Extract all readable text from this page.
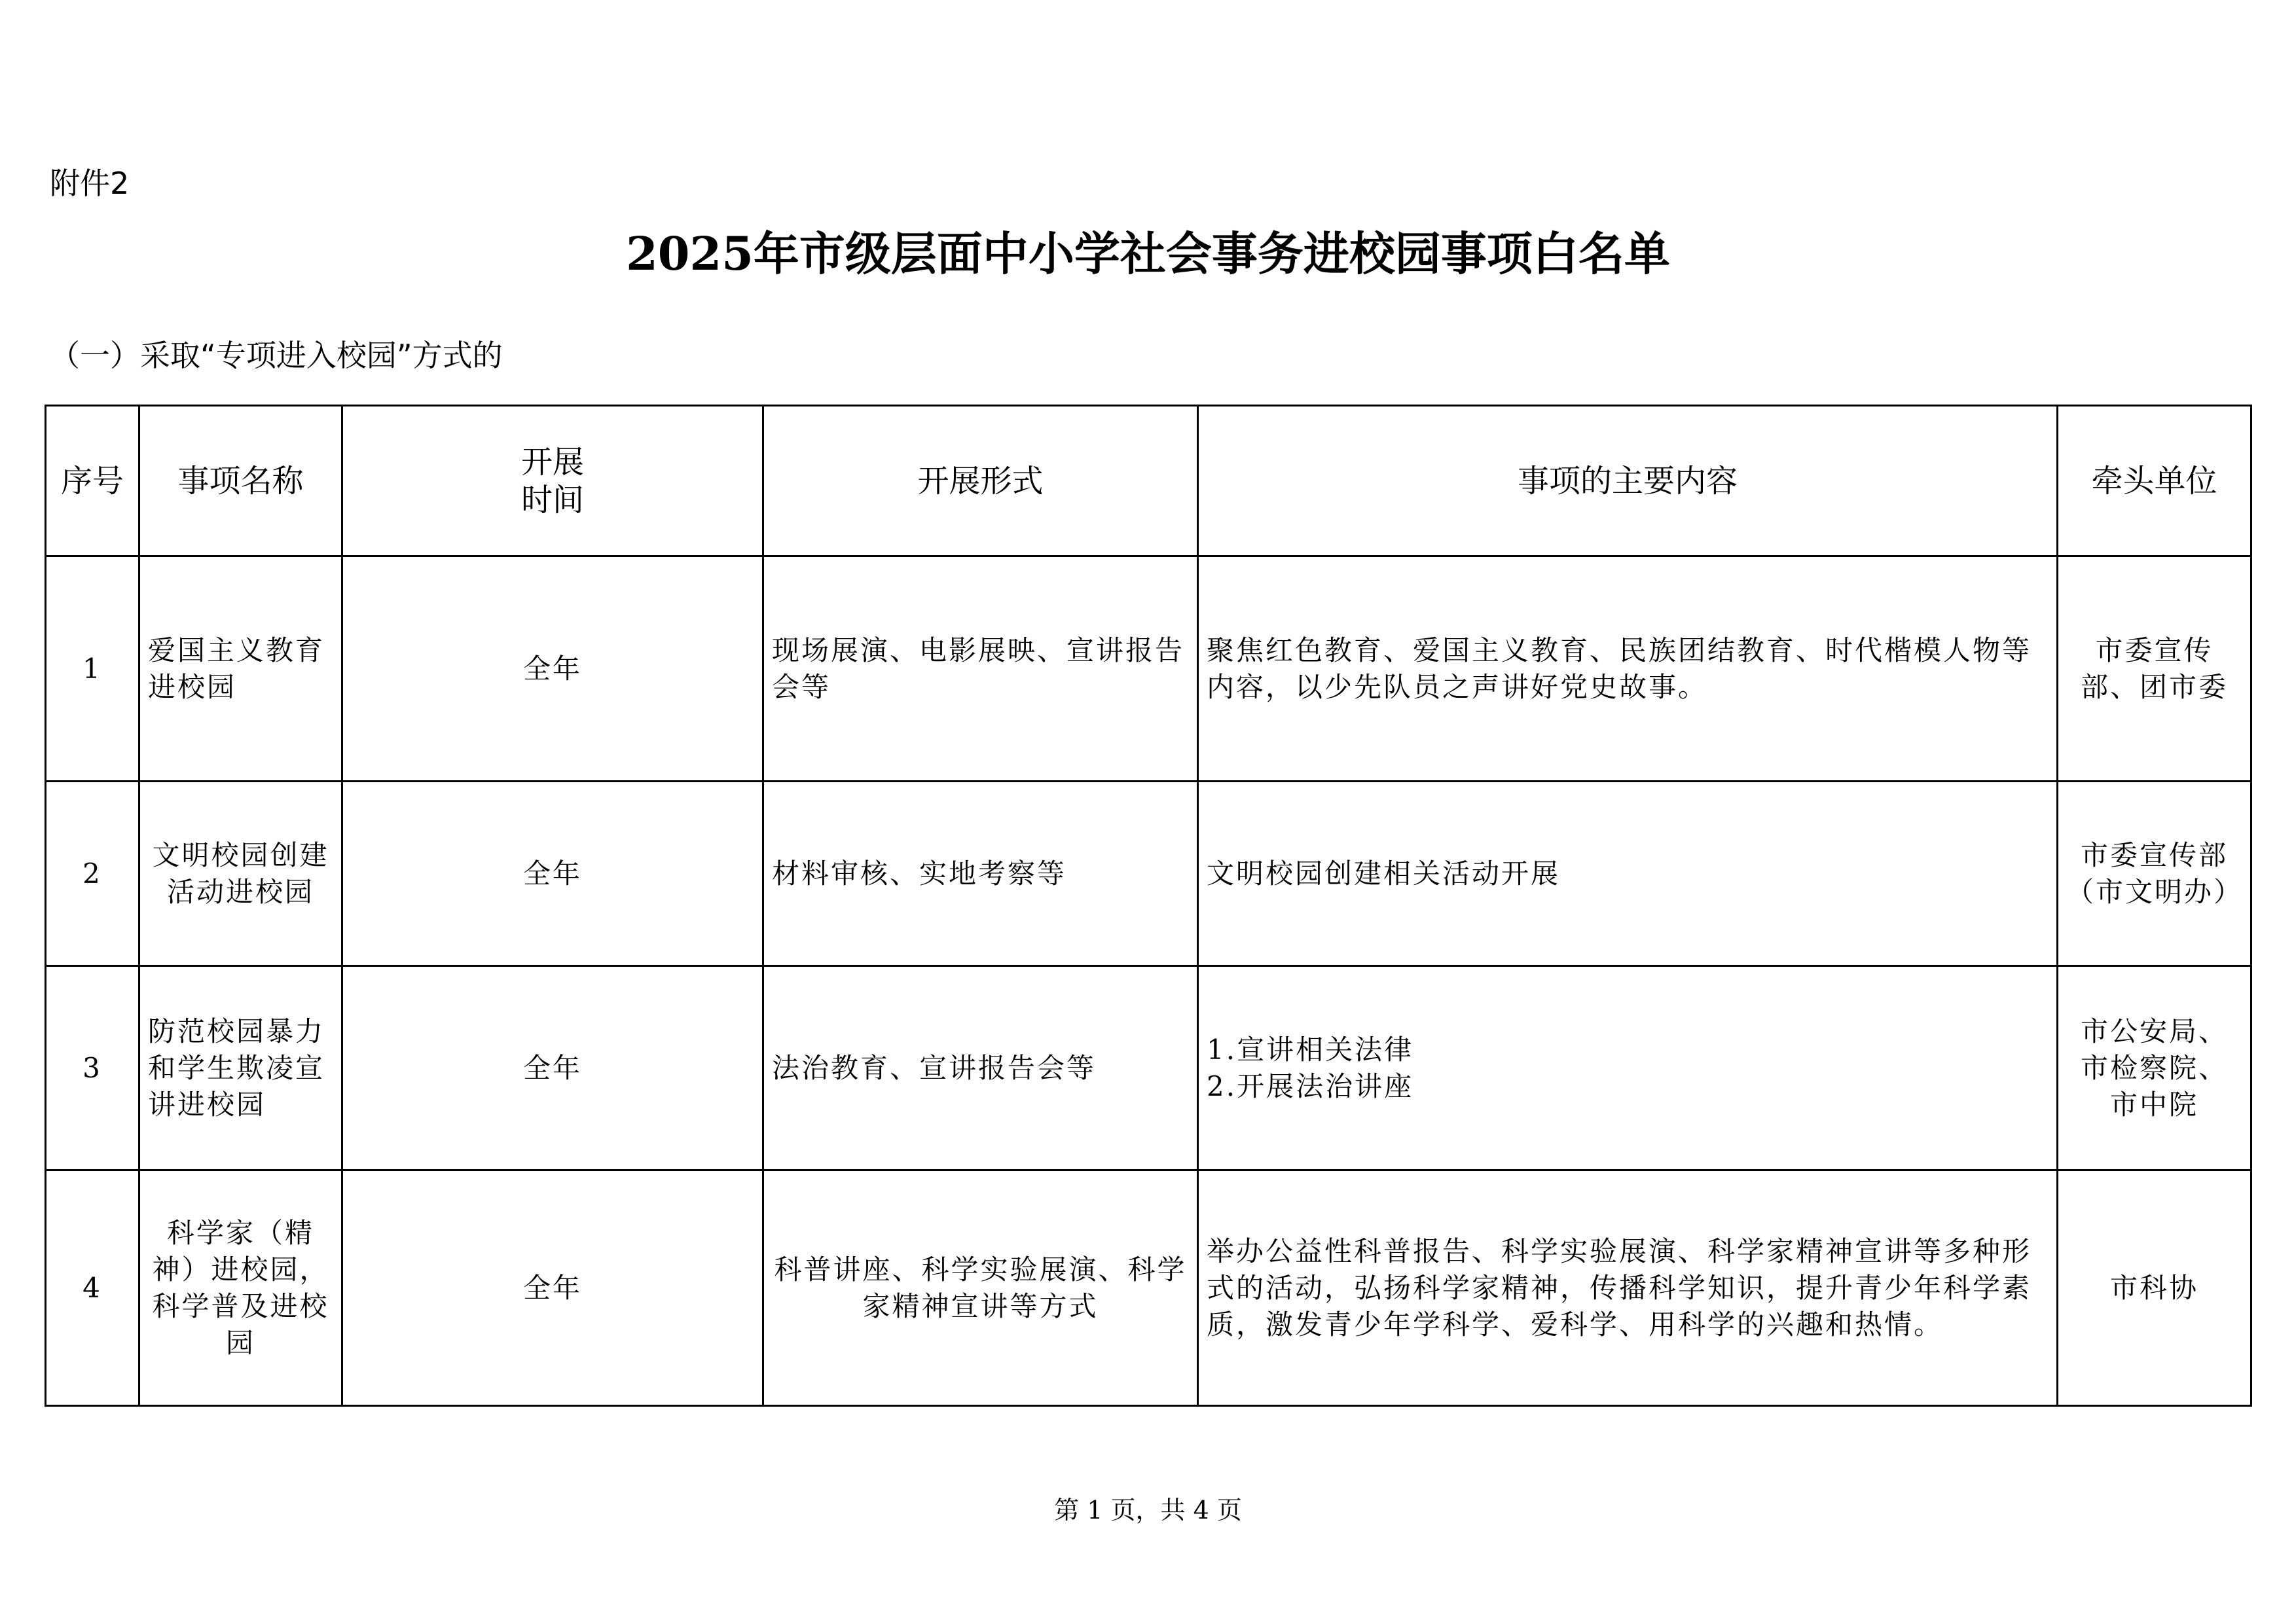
附件2
2025年市级层面中小学社会事务进校园事项白名单
（一）采取“专项进入校园”方式的
序号	事项名称	开展
时间	开展形式	事项的主要内容	牵头单位
1	爱国主义教育进校园	全年	现场展演、电影展映、宣讲报告会等	聚焦红色教育、爱国主义教育、民族团结教育、时代楷模人物等内容，以少先队员之声讲好党史故事。	市委宣传部、团市委
2	文明校园创建活动进校园	全年	材料审核、实地考察等	文明校园创建相关活动开展	市委宣传部（市文明办）
3	防范校园暴力和学生欺凌宣讲进校园	全年	法治教育、宣讲报告会等	1.宣讲相关法律
2.开展法治讲座	市公安局、市检察院、市中院
4	科学家（精神）进校园，科学普及进校园	全年	科普讲座、科学实验展演、科学家精神宣讲等方式	举办公益性科普报告、科学实验展演、科学家精神宣讲等多种形式的活动，弘扬科学家精神，传播科学知识，提升青少年科学素质，激发青少年学科学、爱科学、用科学的兴趣和热情。	市科协
第 1 页，共 4 页
